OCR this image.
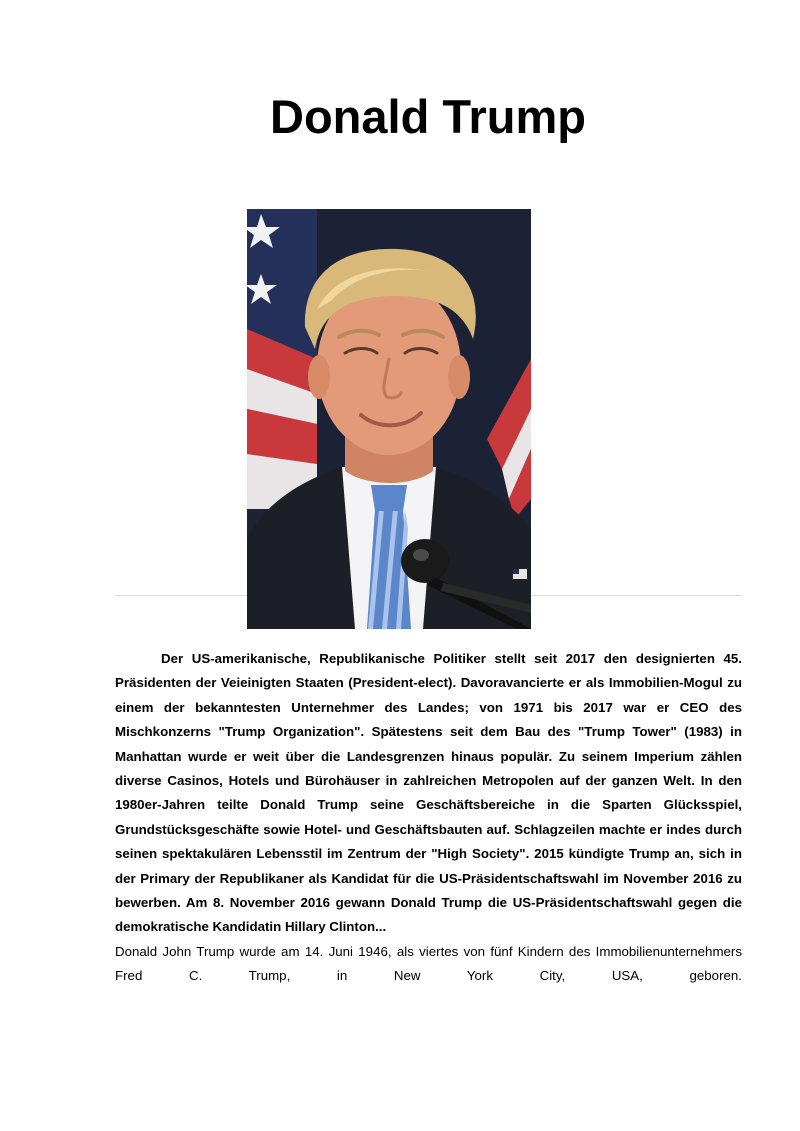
Donald Trump

Der US-amerikanische, Republikanische Politiker stellt seit 2017 den designierten 45. Präsidenten der Veieinigten Staaten (President-elect). Davoravancierte er als Immobilien-Mogul zu einem der bekanntesten Unternehmer des Landes; von 1971 bis 2017 war er CEO des Mischkonzerns "Trump Organization". Spätestens seit dem Bau des "Trump Tower" (1983) in Manhattan wurde er weit über die Landesgrenzen hinaus populär. Zu seinem Imperium zählen diverse Casinos, Hotels und Bürohäuser in zahlreichen Metropolen auf der ganzen Welt. In den 1980er-Jahren teilte Donald Trump seine Geschäftsbereiche in die Sparten Glücksspiel, Grundstücksgeschäfte sowie Hotel- und Geschäftsbauten auf. Schlagzeilen machte er indes durch seinen spektakulären Lebensstil im Zentrum der "High Society". 2015 kündigte Trump an, sich in der Primary der Republikaner als Kandidat für die US-Präsidentschaftswahl im November 2016 zu bewerben. Am 8. November 2016 gewann Donald Trump die US-Präsidentschaftswahl gegen die demokratische Kandidatin Hillary Clinton...

Donald John Trump wurde am 14. Juni 1946, als viertes von fünf Kindern des Immobilienunternehmers Fred C. Trump, in New York City, USA, geboren.
